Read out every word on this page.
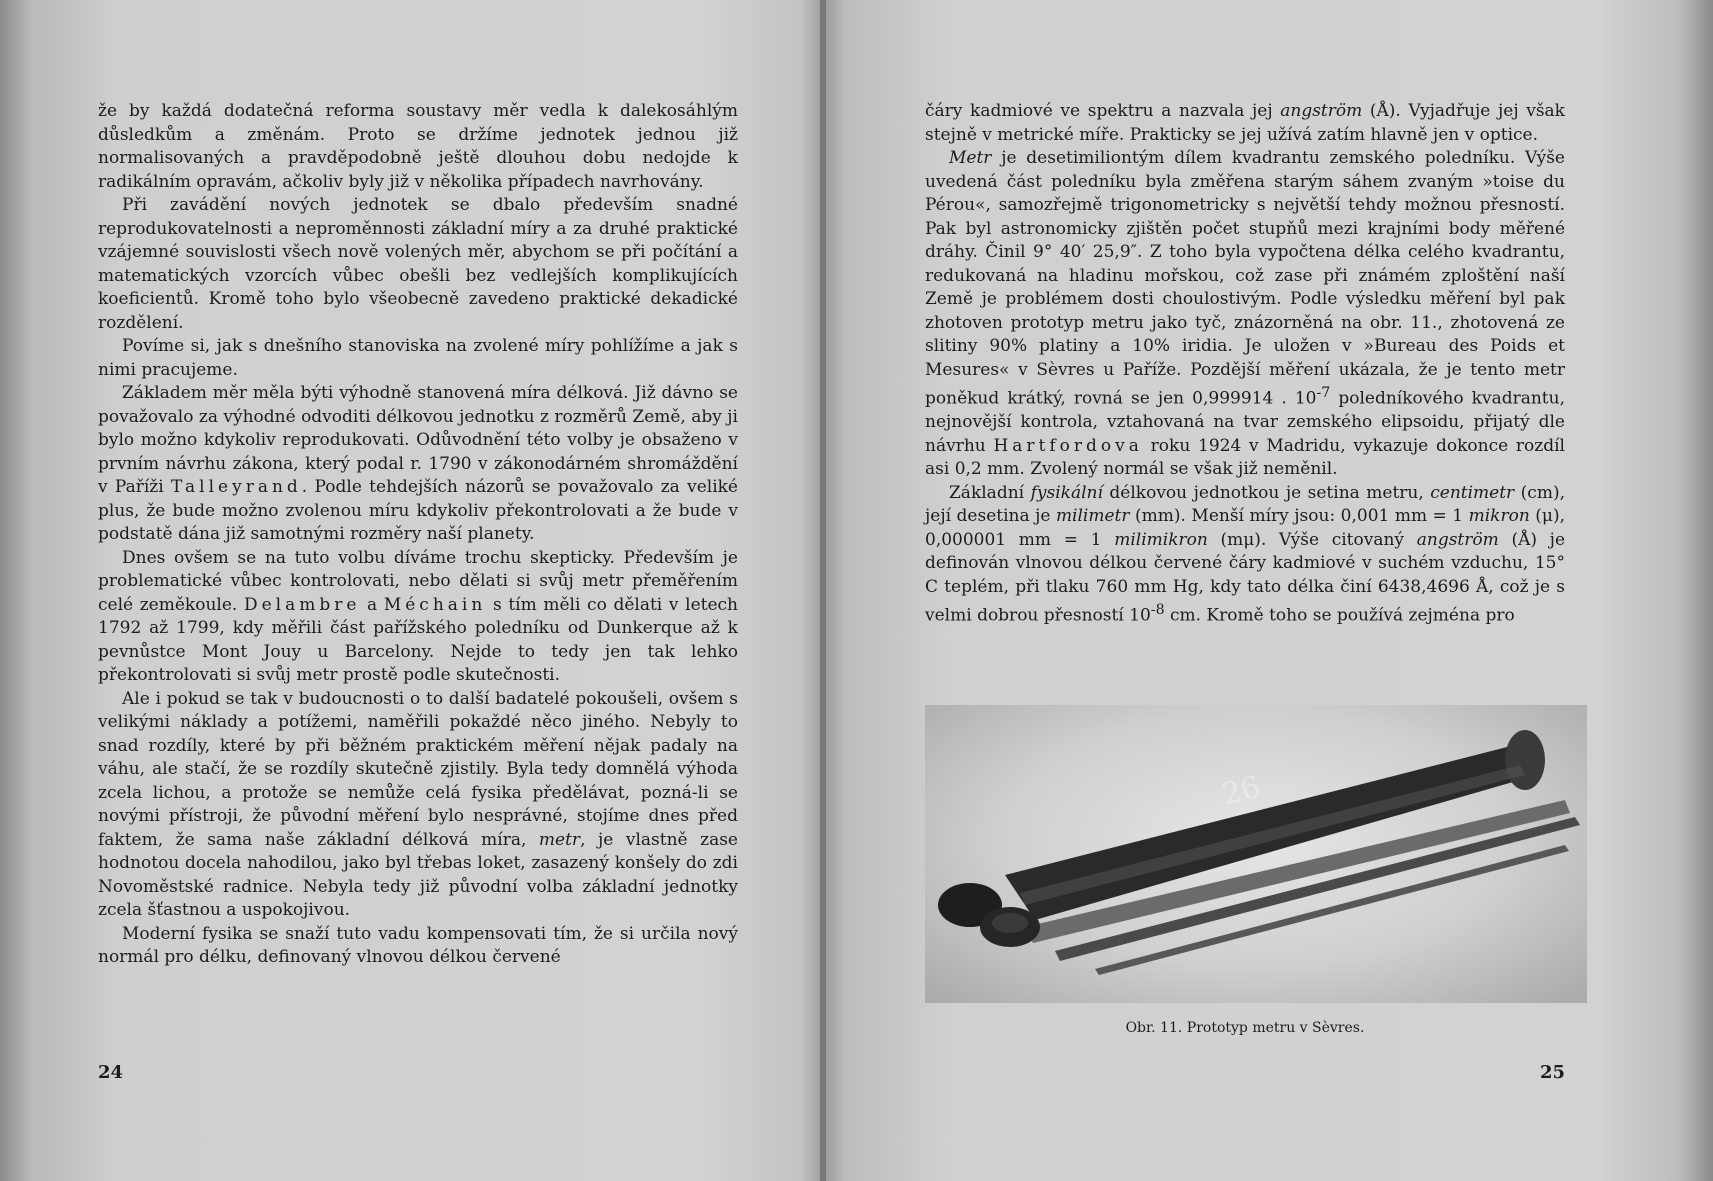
že by každá dodatečná reforma soustavy měr vedla k dalekosáhlým důsledkům a změnám. Proto se držíme jednotek jednou již normalisovaných a pravděpodobně ještě dlouhou dobu nedojde k radikálním opravám, ačkoliv byly již v několika případech navrhovány.

Při zavádění nových jednotek se dbalo především snadné reprodukovatelnosti a neproměnnosti základní míry a za druhé praktické vzájemné souvislosti všech nově volených měr, abychom se při počítání a matematických vzorcích vůbec obešli bez vedlejších komplikujících koeficientů. Kromě toho bylo všeobecně zavedeno praktické dekadické rozdělení.

Povíme si, jak s dnešního stanoviska na zvolené míry pohlížíme a jak s nimi pracujeme.

Základem měr měla býti výhodně stanovená míra délková. Již dávno se považovalo za výhodné odvoditi délkovou jednotku z rozměrů Země, aby ji bylo možno kdykoliv reprodukovati. Odůvodnění této volby je obsaženo v prvním návrhu zákona, který podal r. 1790 v zákonodárném shromáždění v Paříži Talleyrand. Podle tehdejších názorů se považovalo za veliké plus, že bude možno zvolenou míru kdykoliv překontrolovati a že bude v podstatě dána již samotnými rozměry naší planety.

Dnes ovšem se na tuto volbu díváme trochu skepticky. Především je problematické vůbec kontrolovati, nebo dělati si svůj metr přeměřením celé zeměkoule. Delambre a Méchain s tím měli co dělati v letech 1792 až 1799, kdy měřili část pařížského poledníku od Dunkerque až k pevnůstce Mont Jouy u Barcelony. Nejde to tedy jen tak lehko překontrolovati si svůj metr prostě podle skutečnosti.

Ale i pokud se tak v budoucnosti o to další badatelé pokoušeli, ovšem s velikými náklady a potížemi, naměřili pokaždé něco jiného. Nebyly to snad rozdíly, které by při běžném praktickém měření nějak padaly na váhu, ale stačí, že se rozdíly skutečně zjistily. Byla tedy domnělá výhoda zcela lichou, a protože se nemůže celá fysika předělávat, pozná-li se novými přístroji, že původní měření bylo nesprávné, stojíme dnes před faktem, že sama naše základní délková míra, metr, je vlastně zase hodnotou docela nahodilou, jako byl třebas loket, zasazený konšely do zdi Novoměstské radnice. Nebyla tedy již původní volba základní jednotky zcela šťastnou a uspokojivou.

Moderní fysika se snaží tuto vadu kompensovati tím, že si určila nový normál pro délku, definovaný vlnovou délkou červené

24

čáry kadmiové ve spektru a nazvala jej angström (Å). Vyjadřuje jej však stejně v metrické míře. Prakticky se jej užívá zatím hlavně jen v optice.

Metr je desetimiliontým dílem kvadrantu zemského poledníku. Výše uvedená část poledníku byla změřena starým sáhem zvaným »toise du Pérou«, samozřejmě trigonometricky s největší tehdy možnou přesností. Pak byl astronomicky zjištěn počet stupňů mezi krajními body měřené dráhy. Činil 9° 40′ 25,9″. Z toho byla vypočtena délka celého kvadrantu, redukovaná na hladinu mořskou, což zase při známém zploštění naší Země je problémem dosti choulostivým. Podle výsledku měření byl pak zhotoven prototyp metru jako tyč, znázorněná na obr. 11., zhotovená ze slitiny 90% platiny a 10% iridia. Je uložen v »Bureau des Poids et Mesures« v Sèvres u Paříže. Pozdější měření ukázala, že je tento metr poněkud krátký, rovná se jen 0,999914 . $10^{-7}$ poledníkového kvadrantu, nejnovější kontrola, vztahovaná na tvar zemského elipsoidu, přijatý dle návrhu Hartfordova roku 1924 v Madridu, vykazuje dokonce rozdíl asi 0,2 mm. Zvolený normál se však již neměnil.

Základní fysikální délkovou jednotkou je setina metru, centimetr (cm), její desetina je milimetr (mm). Menší míry jsou: 0,001 mm = 1 mikron (μ), 0,000001 mm = 1 milimikron (mμ). Výše citovaný angström (Å) je definován vlnovou délkou červené čáry kadmiové v suchém vzduchu, 15° C teplém, při tlaku 760 mm Hg, kdy tato délka činí 6438,4696 Å, což je s velmi dobrou přesností $10^{-8}$ cm. Kromě toho se používá zejména pro

26
Obr. 11. Prototyp metru v Sèvres.
25
